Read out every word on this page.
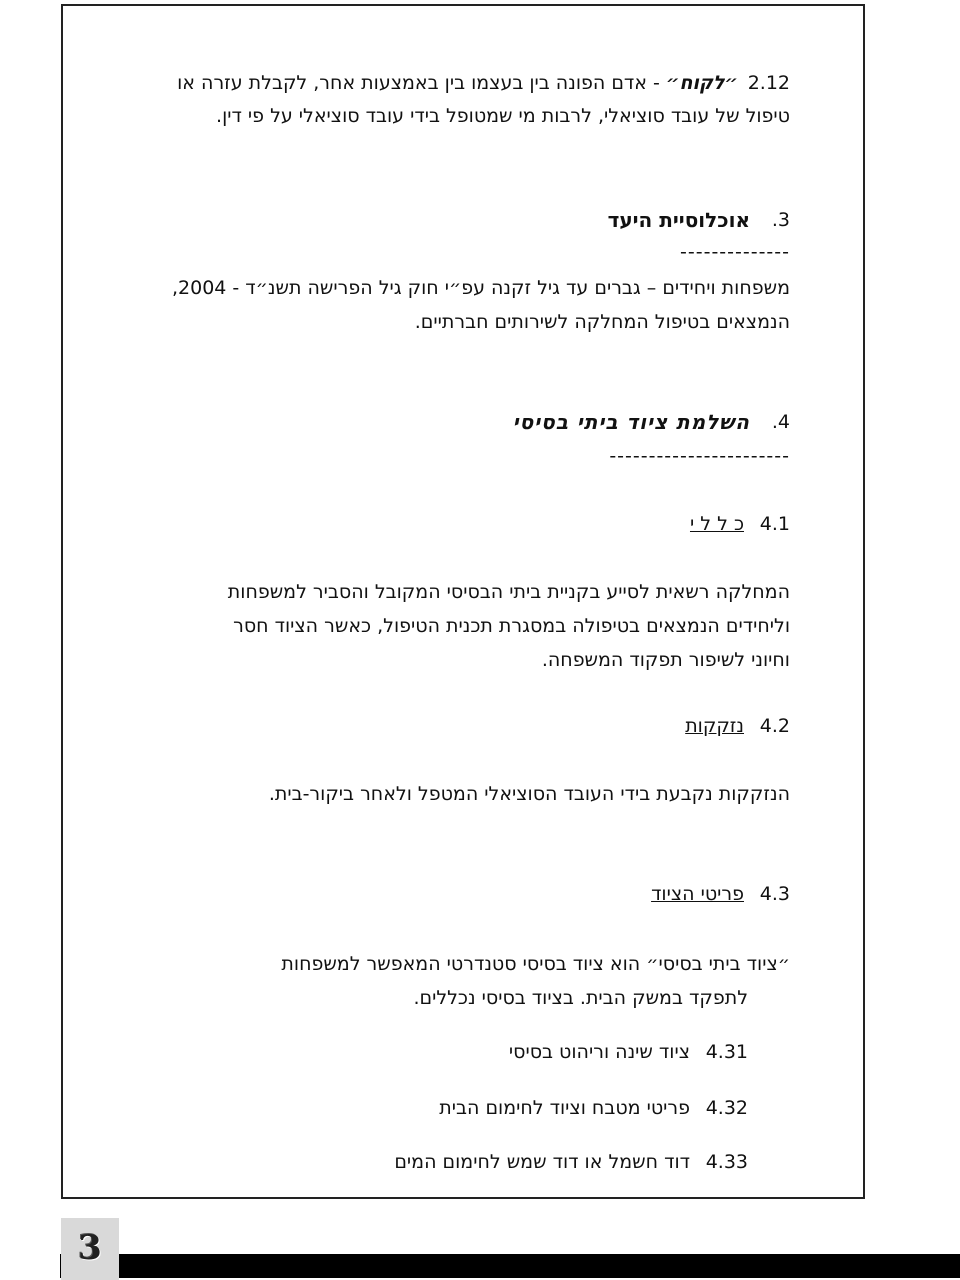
2.12
״לקוח״ - אדם הפונה בין בעצמו בין באמצעות אחר, לקבלת עזרה או
טיפול של עובד סוציאלי, לרבות מי שמטופל בידי עובד סוציאלי על פי דין.
3.
אוכלוסיית היעד
--------------
משפחות ויחידים – גברים עד גיל זקנה עפ״י חוק גיל הפרישה תשנ״ד - 2004,
הנמצאים בטיפול המחלקה לשירותים חברתיים.
4.
השלמת ציוד ביתי בסיסי
-----------------------
4.1
כ ל ל י
המחלקה רשאית לסייע בקניית ביתי הבסיסי המקובל והסביר למשפחות
וליחידים הנמצאים בטיפולה במסגרת תכנית הטיפול, כאשר הציוד חסר
וחיוני לשיפור תפקוד המשפחה.
4.2
נזקקות
הנזקקות נקבעת בידי העובד הסוציאלי המטפל ולאחר ביקור-בית.
4.3
פריטי הציוד
״ציוד ביתי בסיסי״ הוא ציוד בסיסי סטנדרטי המאפשר למשפחות
לתפקד במשק הבית. בציוד בסיסי נכללים.
4.31
ציוד שינה וריהוט בסיסי
4.32
פריטי מטבח וציוד לחימום הבית
4.33
דוד חשמל או דוד שמש לחימום המים
3
